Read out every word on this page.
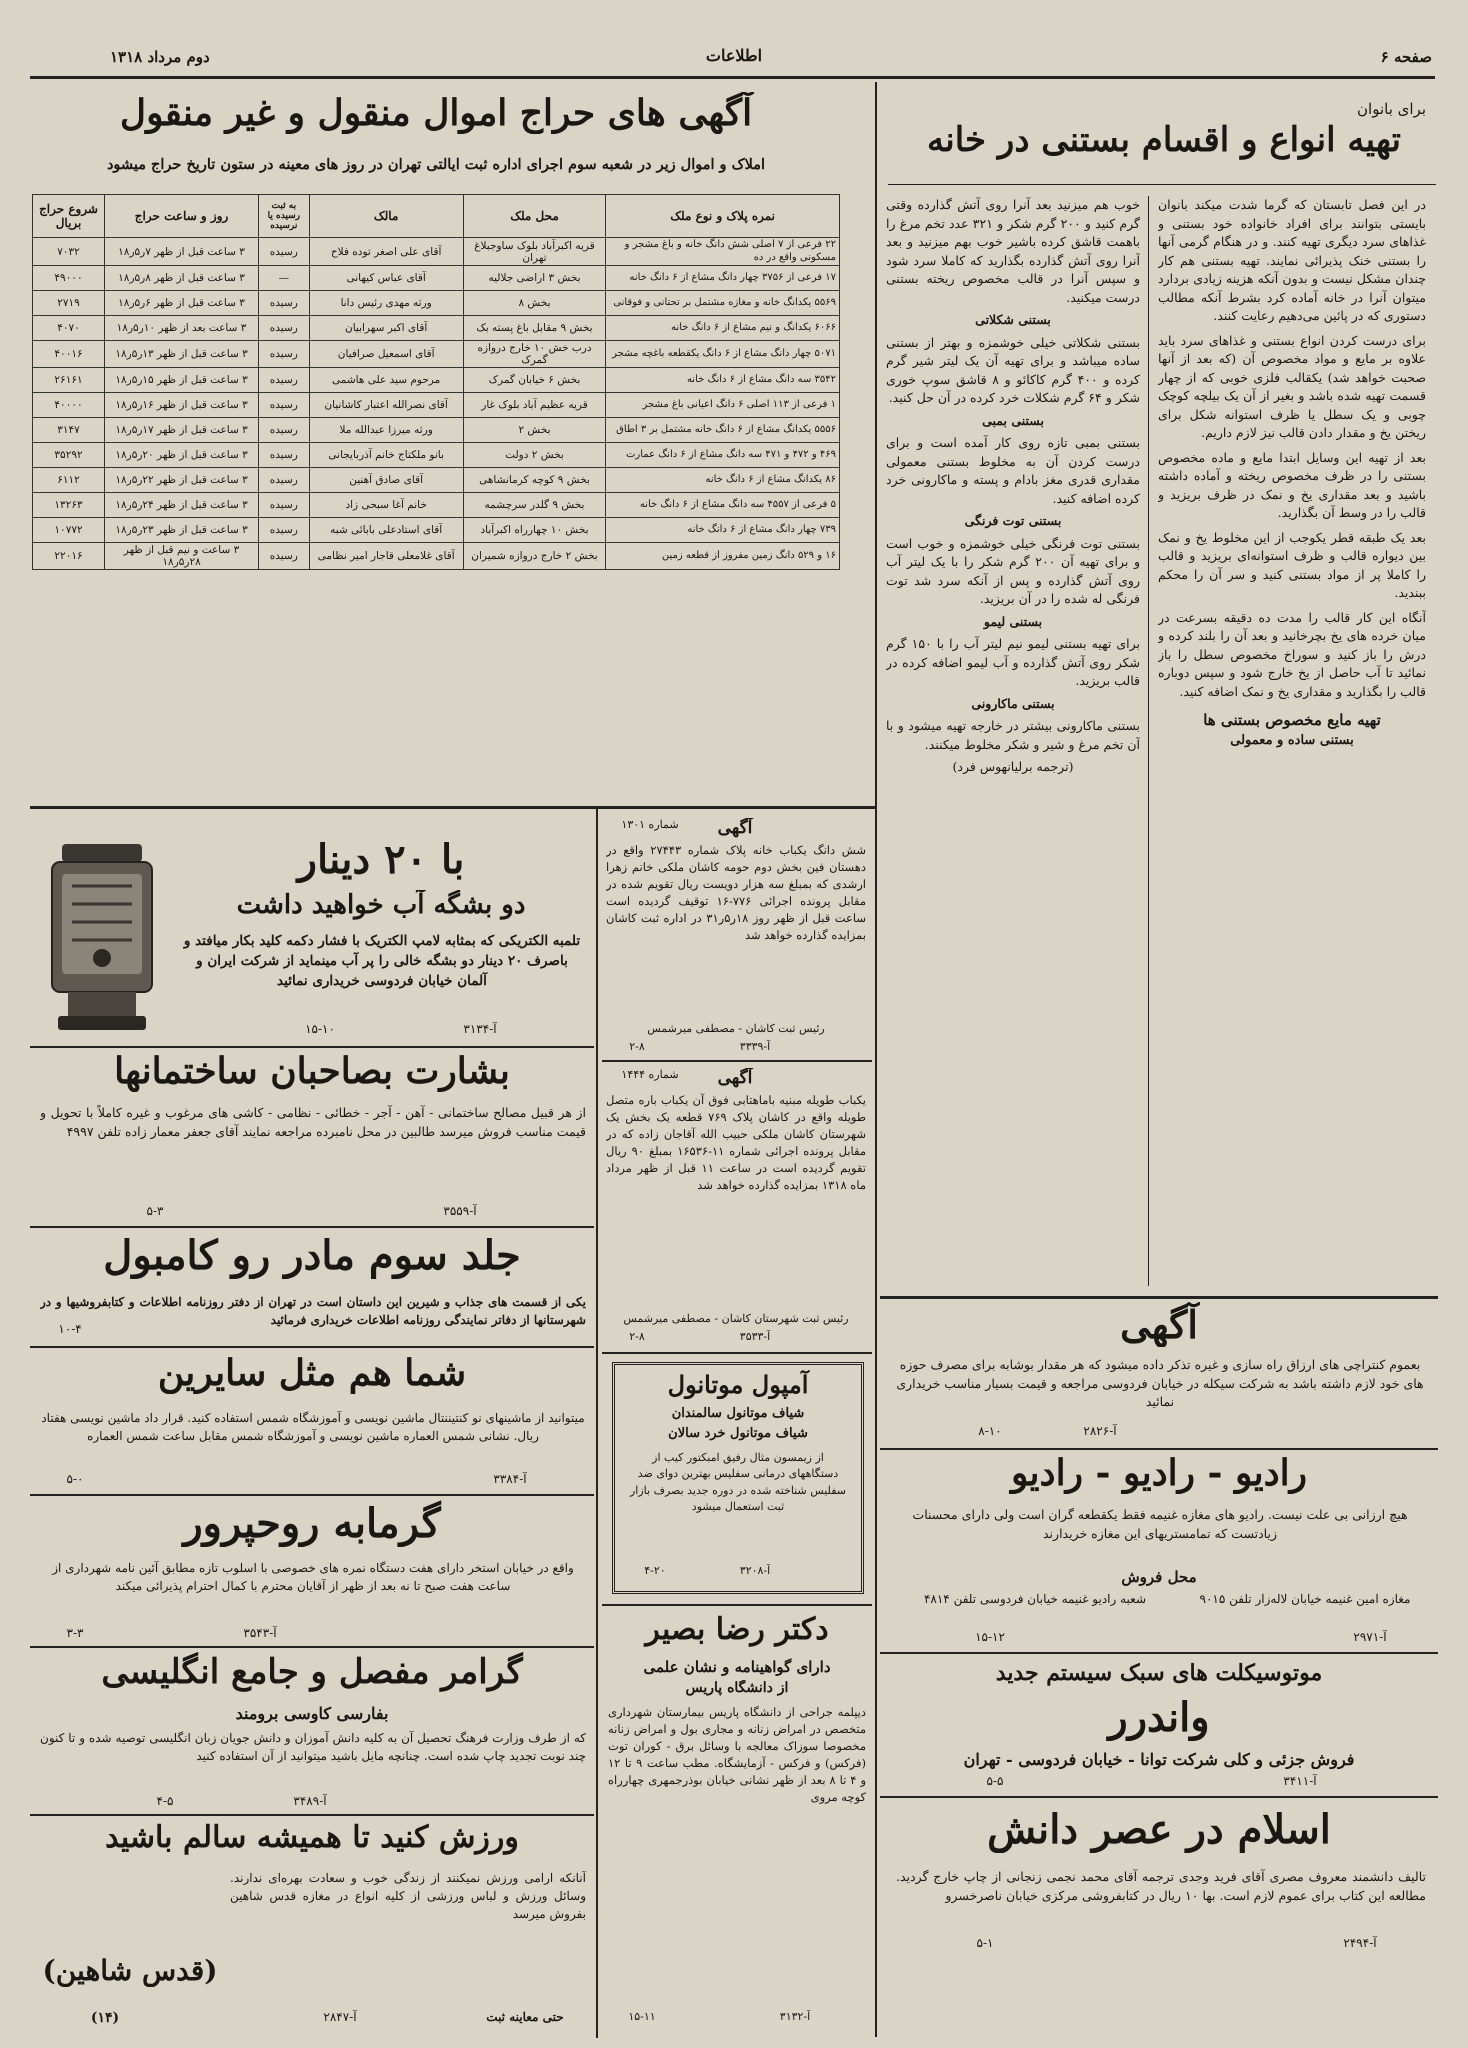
صفحه ۶
اطلاعات
دوم مرداد ۱۳۱۸
برای بانوان
تهیه انواع و اقسام بستنی در خانه

در این فصل تابستان که گرما شدت میکند بانوان بایستی بتوانند برای افراد خانواده خود بستنی و غذاهای سرد دیگری تهیه کنند. و در هنگام گرمی آنها را بستنی خنک پذیرائی نمایند. تهیه بستنی هم کار چندان مشکل نیست و بدون آنکه هزینه زیادی بردارد میتوان آنرا در خانه آماده کرد بشرط آنکه مطالب دستوری که در پائین می‌دهیم رعایت کنند.

برای درست کردن انواع بستنی و غذاهای سرد باید علاوه بر مایع و مواد مخصوص آن (که بعد از آنها صحبت خواهد شد) یکقالب فلزی خوبی که از چهار قسمت تهیه شده باشد و بغیر از آن یک بیلچه کوچک چوبی و یک سطل یا ظرف استوانه شکل برای ریختن یخ و مقدار دادن قالب نیز لازم داریم.

بعد از تهیه این وسایل ابتدا مایع و ماده مخصوص بستنی را در ظرف مخصوص ریخته و آماده داشته باشید و بعد مقداری یخ و نمک در ظرف بریزید و قالب را در وسط آن بگذارید.

بعد یک طبقه قطر یکوجب از این مخلوط یخ و نمک بین دیواره قالب و ظرف استوانه‌ای بریزید و قالب را کاملا پر از مواد بستنی کنید و سر آن را محکم ببندید.

آنگاه این کار قالب را مدت ده دقیقه بسرعت در میان خرده های یخ بچرخانید و بعد آن را بلند کرده و درش را باز کنید و سوراخ مخصوص سطل را باز نمائید تا آب حاصل از یخ خارج شود و سپس دوباره قالب را بگذارید و مقداری یخ و نمک اضافه کنید.

تهیه مایع مخصوص بستنی ها

بستنی ساده و معمولی

خوب هم میزنید بعد آنرا روی آتش گذارده وقتی گرم کنید و ۲۰۰ گرم شکر و ۳۲۱ عدد تخم مرغ را باهمت قاشق کرده باشیر خوب بهم میزنید و بعد آنرا روی آتش گذارده بگذارید که کاملا سرد شود و سپس آنرا در قالب مخصوص ریخته بستنی درست میکنید.

بستنی شکلاتی

بستنی شکلاتی خیلی خوشمزه و بهتر از بستنی ساده میباشد و برای تهیه آن یک لیتر شیر گرم کرده و ۴۰۰ گرم کاکائو و ۸ قاشق سوپ خوری شکر و ۶۴ گرم شکلات خرد کرده در آن حل کنید.

بستنی بمبی

بستنی بمبی تازه روی کار آمده است و برای درست کردن آن به مخلوط بستنی معمولی مقداری قدری مغز بادام و پسته و ماکارونی خرد کرده اضافه کنید.

بستنی توت فرنگی

بستنی توت فرنگی خیلی خوشمزه و خوب است و برای تهیه آن ۲۰۰ گرم شکر را با یک لیتر آب روی آتش گذارده و پس از آنکه سرد شد توت فرنگی له شده را در آن بریزید.

بستنی لیمو

برای تهیه بستنی لیمو نیم لیتر آب را با ۱۵۰ گرم شکر روی آتش گذارده و آب لیمو اضافه کرده در قالب بریزید.

بستنی ماکارونی

بستنی ماکارونی بیشتر در خارجه تهیه میشود و با آن تخم مرغ و شیر و شکر مخلوط میکنند.

(ترجمه برلیانهوس فرد)

آگهی های حراج اموال منقول و غیر منقول
املاک و اموال زیر در شعبه سوم اجرای اداره ثبت ایالتی تهران در روز های معینه در ستون تاریخ حراج میشود
نمره پلاک و نوع ملک	محل ملک	مالک	به ثبت رسیده یا نرسیده	روز و ساعت حراج	شروع حراج بریال
۲۲ فرعی از ۷ اصلی شش دانگ خانه و باغ مشجر و مسکونی واقع در ده	قریه اکبرآباد بلوک ساوجبلاغ تهران	آقای علی اصغر توده فلاح	رسیده	۳ ساعت قبل از ظهر ۷ر۵ر۱۸	۷۰۳۲
۱۷ فرعی از ۳۷۵۶ چهار دانگ مشاع از ۶ دانگ خانه	بخش ۳ اراضی جلالیه	آقای عباس کیهانی	—	۳ ساعت قبل از ظهر ۸ر۵ر۱۸	۴۹۰۰۰
۵۵۶۹ یکدانگ خانه و مغازه مشتمل بر تحتانی و فوقانی	بخش ۸	ورثه مهدی رئیس دانا	رسیده	۳ ساعت قبل از ظهر ۶ر۵ر۱۸	۲۷۱۹
۶۰۶۶ یکدانگ و نیم مشاع از ۶ دانگ خانه	بخش ۹ مقابل باغ پسته بک	آقای اکبر سهرابیان	رسیده	۳ ساعت بعد از ظهر ۱۰ر۵ر۱۸	۴۰۷۰
۵۰۷۱ چهار دانگ مشاع از ۶ دانگ یکقطعه باغچه مشجر	درب خش ۱۰ خارج دروازه گمرک	آقای اسمعیل صرافیان	رسیده	۳ ساعت قبل از ظهر ۱۳ر۵ر۱۸	۴۰۰۱۶
۳۵۴۲ سه دانگ مشاع از ۶ دانگ خانه	بخش ۶ خیابان گمرک	مرحوم سید علی هاشمی	رسیده	۳ ساعت قبل از ظهر ۱۵ر۵ر۱۸	۲۶۱۶۱
۱ فرعی از ۱۱۳ اصلی ۶ دانگ اعیانی باغ مشجر	قریه عظیم آباد بلوک غار	آقای نصرالله اعتبار کاشانیان	رسیده	۳ ساعت قبل از ظهر ۱۶ر۵ر۱۸	۴۰۰۰۰
۵۵۵۶ یکدانگ مشاع از ۶ دانگ خانه مشتمل بر ۳ اطاق	بخش ۲	ورثه میرزا عبدالله ملا	رسیده	۳ ساعت قبل از ظهر ۱۷ر۵ر۱۸	۳۱۴۷
۴۶۹ و ۴۷۲ و ۴۷۱ سه دانگ مشاع از ۶ دانگ عمارت	بخش ۲ دولت	بانو ملکتاج خانم آذربایجانی	رسیده	۳ ساعت قبل از ظهر ۲۰ر۵ر۱۸	۳۵۲۹۲
۸۶ یکدانگ مشاع از ۶ دانگ خانه	بخش ۹ کوچه کرمانشاهی	آقای صادق آهنین	رسیده	۳ ساعت قبل از ظهر ۲۲ر۵ر۱۸	۶۱۱۲
۵ فرعی از ۴۵۵۷ سه دانگ مشاع از ۶ دانگ خانه	بخش ۹ گلدر سرچشمه	خانم آغا سبحی زاد	رسیده	۳ ساعت قبل از ظهر ۲۴ر۵ر۱۸	۱۳۲۶۳
۷۳۹ چهار دانگ مشاع از ۶ دانگ خانه	بخش ۱۰ چهارراه اکبرآباد	آقای استادعلی بابائی شبه	رسیده	۳ ساعت قبل از ظهر ۲۳ر۵ر۱۸	۱۰۷۷۲
۱۶ و ۵۲۹ دانگ زمین مفروز از قطعه زمین	بخش ۲ خارج دروازه شمیران	آقای غلامعلی قاجار امیر نظامی	رسیده	۳ ساعت و نیم قبل از ظهر ۲۸ر۵ر۱۸	۲۲۰۱۶
آگهی
شماره ۱۳۰۱
شش دانگ یکباب خانه پلاک شماره ۲۷۴۴۳ واقع در دهستان فین بخش دوم حومه کاشان ملکی خانم زهرا ارشدی که بمبلغ سه هزار دویست ریال تقویم شده در مقابل پرونده اجرائی ۷۷۶-۱۶ توقیف گردیده است ساعت قبل از ظهر روز ۱۸ر۵ر۳۱ در اداره ثبت کاشان بمزایده گذارده خواهد شد
رئیس ثبت کاشان - مصطفی میرشمس
آ-۳۳۳۹
۲-۸
آگهی
شماره ۱۴۴۴
یکباب طویله مبنیه باماهتابی فوق آن یکباب باره متصل طویله واقع در کاشان پلاک ۷۶۹ قطعه یک بخش یک شهرستان کاشان ملکی حبیب الله آقاجان زاده که در مقابل پرونده اجرائی شماره ۱۱-۱۶۵۳۶ بمبلغ ۹۰ ریال تقویم گردیده است در ساعت ۱۱ قبل از ظهر مرداد ماه ۱۳۱۸ بمزایده گذارده خواهد شد
رئیس ثبت شهرستان کاشان - مصطفی میرشمس
آ-۳۵۳۳
۲-۸
آمپول موتانول
شیاف موتانول سالمندان
شیاف موتانول خرد سالان
از زیمسون مثال رفیق امبکتور کیب از دستگاههای درمانی سفلیس بهترین دوای ضد سفلیس شناخته شده در دوره جدید بصرف بازار ثبت استعمال میشود
آ-۳۲۰۸
۴-۲۰
دکتر رضا بصیر
دارای گواهینامه و نشان علمی
از دانشگاه پاریس
دیپلمه جراحی از دانشگاه پاریس بیمارستان شهرداری متخصص در امراض زنانه و مجاری بول و امراض زنانه مخصوصا سوزاک معالجه با وسائل برق - کوران توت (فرکس) و فرکس - آزمایشگاه. مطب ساعت ۹ تا ۱۲ و ۴ تا ۸ بعد از ظهر نشانی خیابان بوذرجمهری چهارراه کوچه مروی
آ-۳۱۳۲
۱۵-۱۱
حتی معاینه ثبت
با ۲۰ دینار
دو بشگه آب خواهید داشت
تلمبه الکتریکی که بمثابه لامپ الکتریک با فشار دکمه کلید بکار میافتد و باصرف ۲۰ دینار دو بشگه خالی را پر آب مینماید از شرکت ایران و آلمان خیابان فردوسی خریداری نمائید
آ-۳۱۳۴
۱۵-۱۰
بشارت بصاحبان ساختمانها
از هر قبیل مصالح ساختمانی - آهن - آجر - خطائی - نظامی - کاشی های مرغوب و غیره کاملاً با تحویل و قیمت مناسب فروش میرسد طالبین در محل نامبرده مراجعه نمایند آقای جعفر معمار زاده تلفن ۴۹۹۷
آ-۳۵۵۹
۵-۳
جلد سوم مادر رو کامبول
یکی از قسمت های جذاب و شیرین این داستان است در تهران از دفتر روزنامه اطلاعات و کتابفروشیها و در شهرستانها از دفاتر نمایندگی روزنامه اطلاعات خریداری فرمائید
۱۰-۴
شما هم مثل سایرین
میتوانید از ماشینهای نو کنتیننتال ماشین نویسی و آموزشگاه شمس استفاده کنید. قرار داد ماشین نویسی هفتاد ریال. نشانی شمس العماره ماشین نویسی و آموزشگاه شمس مقابل ساعت شمس العماره
آ-۳۳۸۴
۵-۰
گرمابه روحپرور
واقع در خیابان استخر دارای هفت دستگاه نمره های خصوصی با اسلوب تازه مطابق آئین نامه شهرداری از ساعت هفت صبح تا نه بعد از ظهر از آقایان محترم با کمال احترام پذیرائی میکند
آ-۳۵۴۳
۳-۳
گرامر مفصل و جامع انگلیسی
بفارسی کاوسی برومند
که از طرف وزارت فرهنگ تحصیل آن به کلیه دانش آموزان و دانش جویان زبان انگلیسی توصیه شده و تا کنون چند نوبت تجدید چاپ شده است. چنانچه مایل باشید میتوانید از آن استفاده کنید
آ-۳۴۸۹
۴-۵
ورزش کنید تا همیشه سالم باشید
آنانکه ارامی ورزش نمیکنند از زندگی خوب و سعادت بهره‌ای ندارند. وسائل ورزش و لباس ورزشی از کلیه انواع در مغازه قدس شاهین بفروش میرسد
(قدس شاهین)
آ-۲۸۴۷
(۱۴)
آگهی
بعموم کنتراچی های ارزاق راه سازی و غیره تذکر داده میشود که هر مقدار بوشابه برای مصرف حوزه های خود لازم داشته باشد به شرکت سیکله در خیابان فردوسی مراجعه و قیمت بسیار مناسب خریداری نمائید
آ-۲۸۲۶
۸-۱۰
رادیو - رادیو - رادیو
هیچ ارزانی بی علت نیست. رادیو های مغازه غنیمه فقط یکقطعه گران است ولی دارای محسنات زیادتست که تمامستریهای این مغازه خریدارند
محل فروش
مغازه امین غنیمه خیابان لاله‌زار تلفن ۹۰۱۵
شعبه رادیو غنیمه خیابان فردوسی تلفن ۴۸۱۴
آ-۲۹۷۱
۱۵-۱۲
موتوسیکلت های سبک سیستم جدید
واندرر
فروش جزئی و کلی شرکت توانا - خیابان فردوسی - تهران
آ-۳۴۱۱
۵-۵
اسلام در عصر دانش
تالیف دانشمند معروف مصری آقای فرید وجدی ترجمه آقای محمد نجمی زنجانی از چاپ خارج گردید. مطالعه این کتاب برای عموم لازم است. بها ۱۰ ریال در کتابفروشی مرکزی خیابان ناصرخسرو
آ-۲۴۹۴
۵-۱
